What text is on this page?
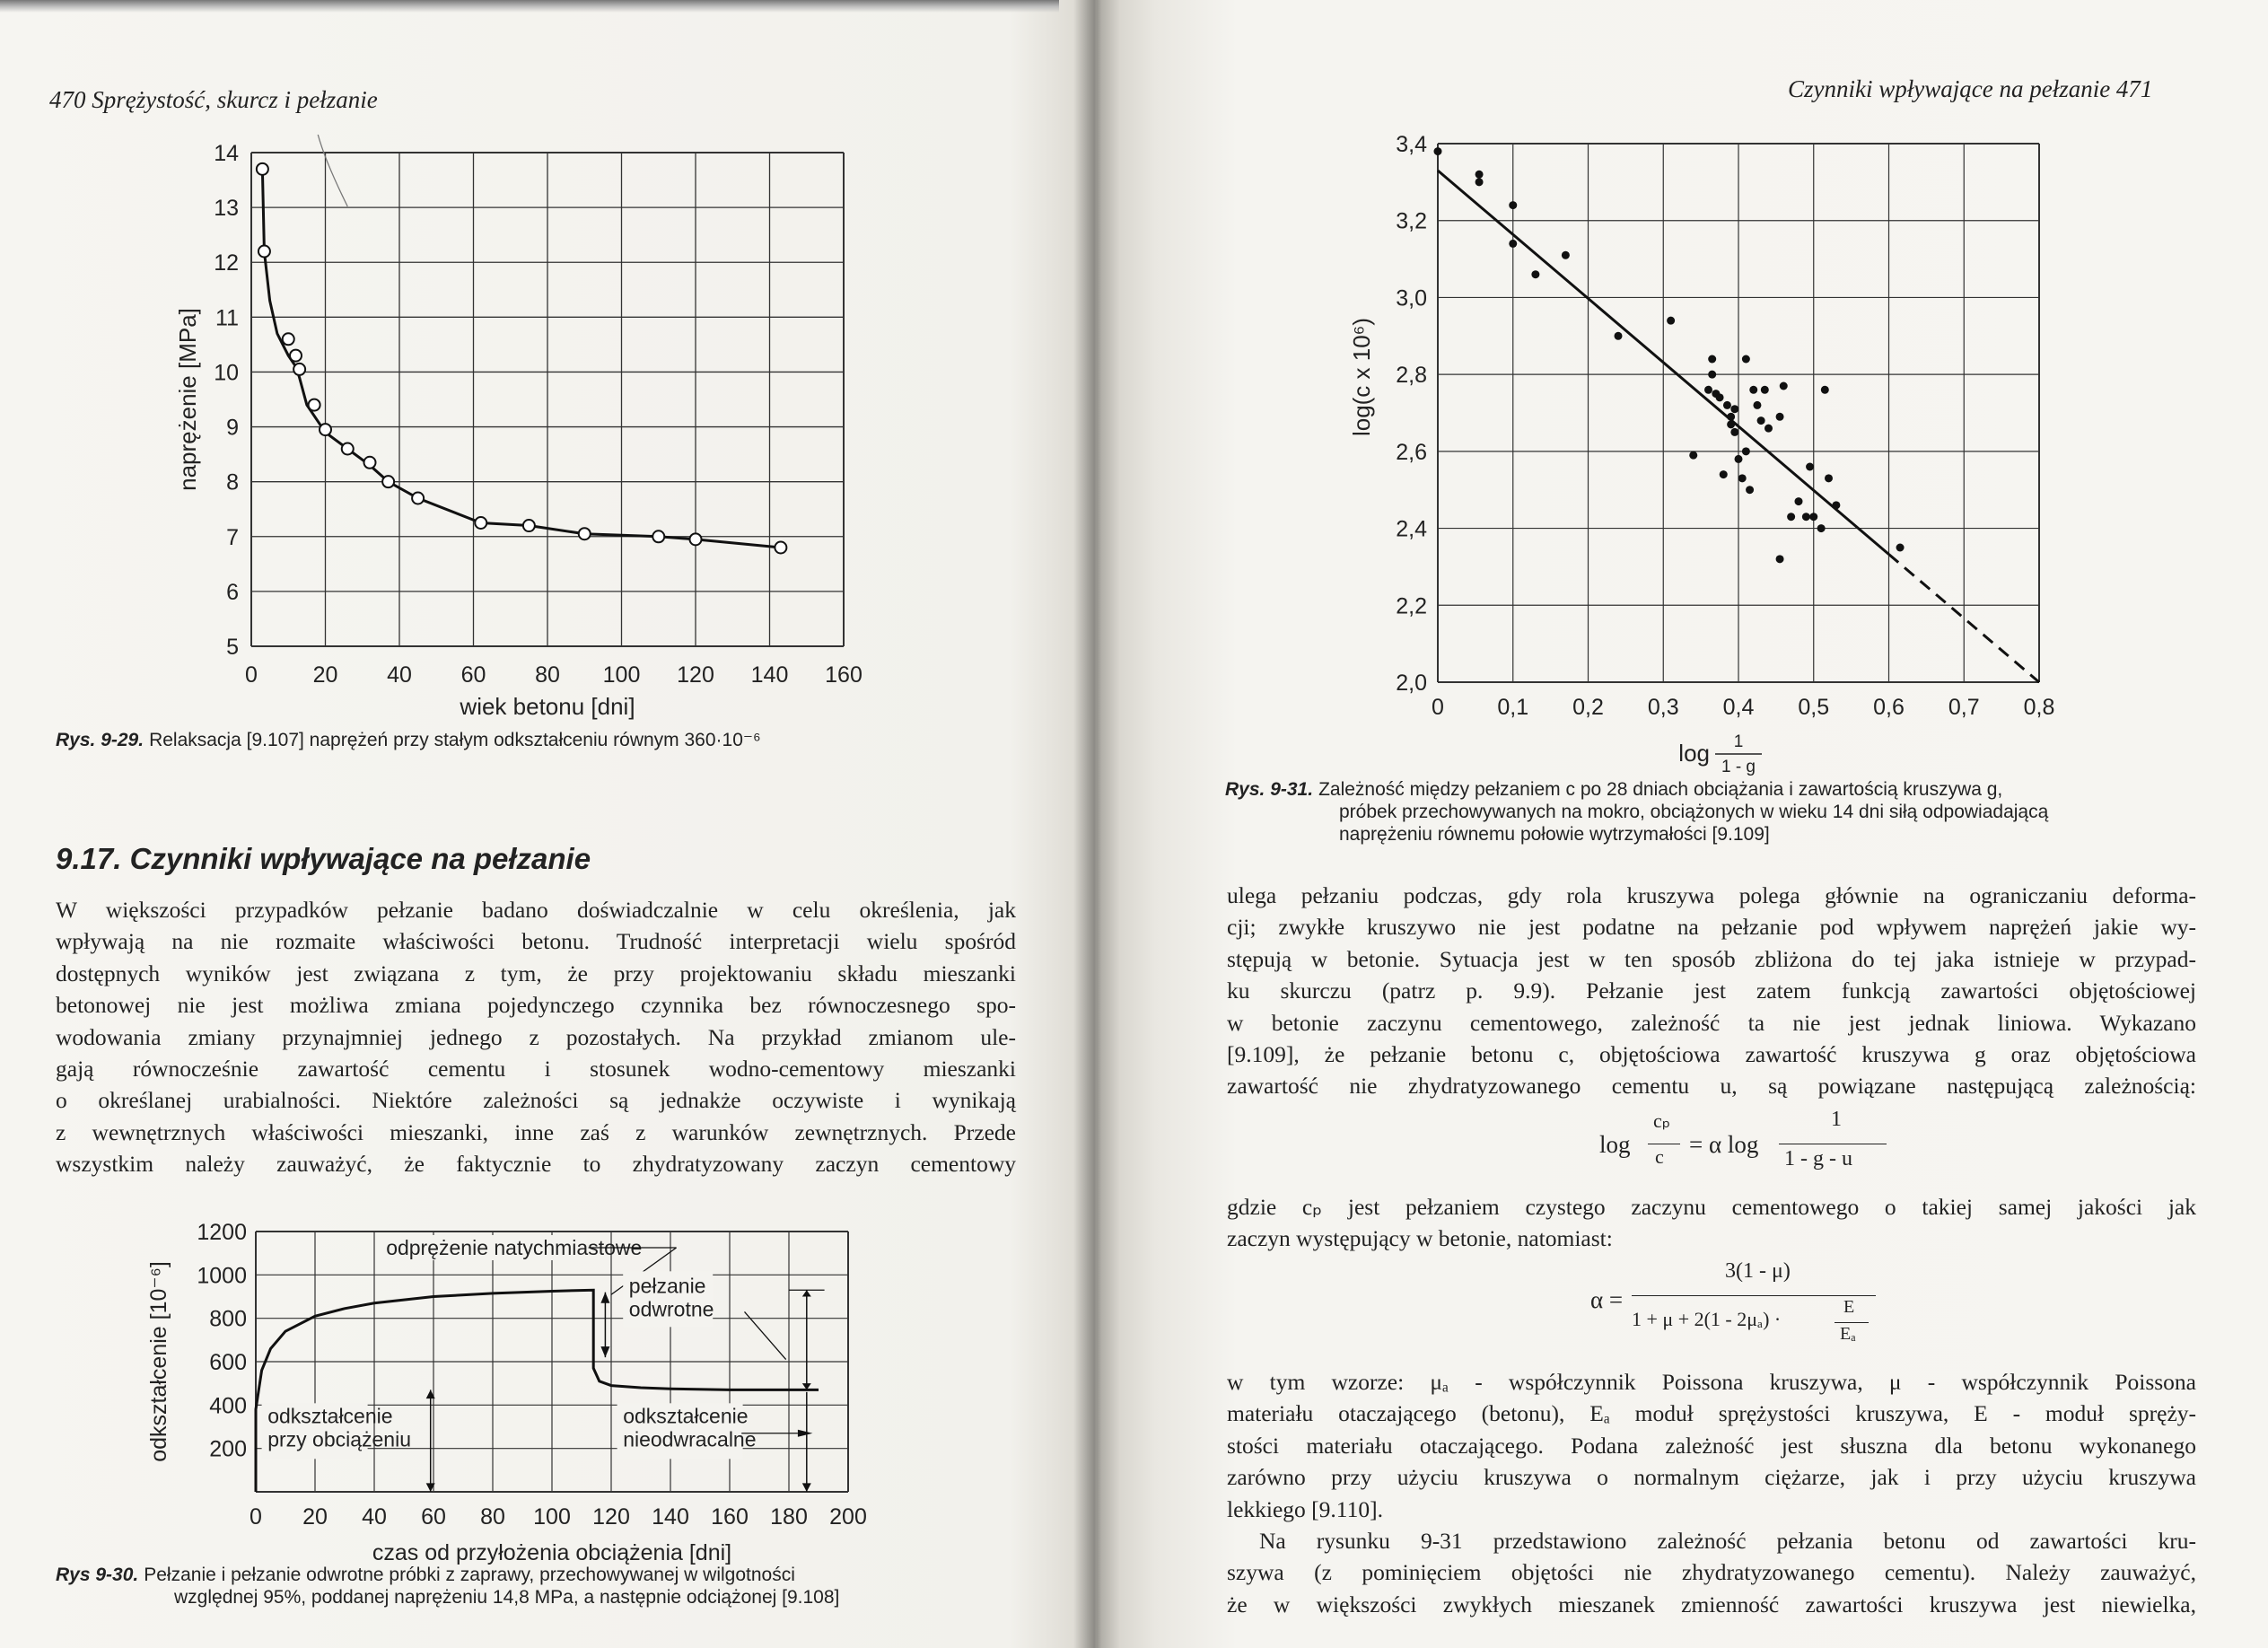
470 Sprężystość, skurcz i pełzanie
0 20 40 60 80 100 120 140 160
5
6
7
8
9
10
11
12
13
14
wiek betonu [dni]
naprężenie [MPa]
Rys. 9-29. Relaksacja [9.107] naprężeń przy stałym odkształceniu równym 360·10⁻⁶
9.17. Czynniki wpływające na pełzanie
W większości przypadków pełzanie badano doświadczalnie w celu określenia, jak
wpływają na nie rozmaite właściwości betonu. Trudność interpretacji wielu spośród
dostępnych wyników jest związana z tym, że przy projektowaniu składu mieszanki
betonowej nie jest możliwa zmiana pojedynczego czynnika bez równoczesnego spo-
wodowania zmiany przynajmniej jednego z pozostałych. Na przykład zmianom ule-
gają równocześnie zawartość cementu i stosunek wodno-cementowy mieszanki
o określanej urabialności. Niektóre zależności są jednakże oczywiste i wynikają
z wewnętrznych właściwości mieszanki, inne zaś z warunków zewnętrznych. Przede
wszystkim należy zauważyć, że faktycznie to zhydratyzowany zaczyn cementowy
0 20 40 60 80 100 120 140 160 180 200
200
400
600
800
1000
1200
czas od przyłożenia obciążenia [dni]
odkształcenie [10⁻⁶]
odprężenie natychmiastowe
pełzanie
odwrotne
odkształcenie
przy obciążeniu
odkształcenie
nieodwracalne
Rys 9-30. Pełzanie i pełzanie odwrotne próbki z zaprawy, przechowywanej w wilgotności
względnej 95%, poddanej naprężeniu 14,8 MPa, a następnie odciążonej [9.108]
Czynniki wpływające na pełzanie 471
0 0,1 0,2 0,3 0,4 0,5 0,6 0,7 0,8
2,0
2,2
2,4
2,6
2,8
3,0
3,2
3,4
log 1
1 - g
log(c x 10⁶)
Rys. 9-31. Zależność między pełzaniem c po 28 dniach obciążania i zawartością kruszywa g,
próbek przechowywanych na mokro, obciążonych w wieku 14 dni siłą odpowiadającą
naprężeniu równemu połowie wytrzymałości [9.109]
ulega pełzaniu podczas, gdy rola kruszywa polega głównie na ograniczaniu deforma-
cji; zwykłe kruszywo nie jest podatne na pełzanie pod wpływem naprężeń jakie wy-
stępują w betonie. Sytuacja jest w ten sposób zbliżona do tej jaka istnieje w przypad-
ku skurczu (patrz p. 9.9). Pełzanie jest zatem funkcją zawartości objętościowej
w betonie zaczynu cementowego, zależność ta nie jest jednak liniowa. Wykazano
[9.109], że pełzanie betonu c, objętościowa zawartość kruszywa g oraz objętościowa
zawartość nie zhydratyzowanego cementu u, są powiązane następującą zależnością:
log
cₚ
c = α log
1
1 - g - u
gdzie cₚ jest pełzaniem czystego zaczynu cementowego o takiej samej jakości jak
zaczyn występujący w betonie, natomiast:
α =
3(1 - μ)
1 + μ + 2(1 - 2μₐ) ·
E
Eₐ
w tym wzorze: μₐ - współczynnik Poissona kruszywa, μ - współczynnik Poissona
materiału otaczającego (betonu), Eₐ moduł sprężystości kruszywa, E - moduł spręży-
stości materiału otaczającego. Podana zależność jest słuszna dla betonu wykonanego
zarówno przy użyciu kruszywa o normalnym ciężarze, jak i przy użyciu kruszywa
lekkiego [9.110].
Na rysunku 9-31 przedstawiono zależność pełzania betonu od zawartości kru-
szywa (z pominięciem objętości nie zhydratyzowanego cementu). Należy zauważyć,
że w większości zwykłych mieszanek zmienność zawartości kruszywa jest niewielka,
